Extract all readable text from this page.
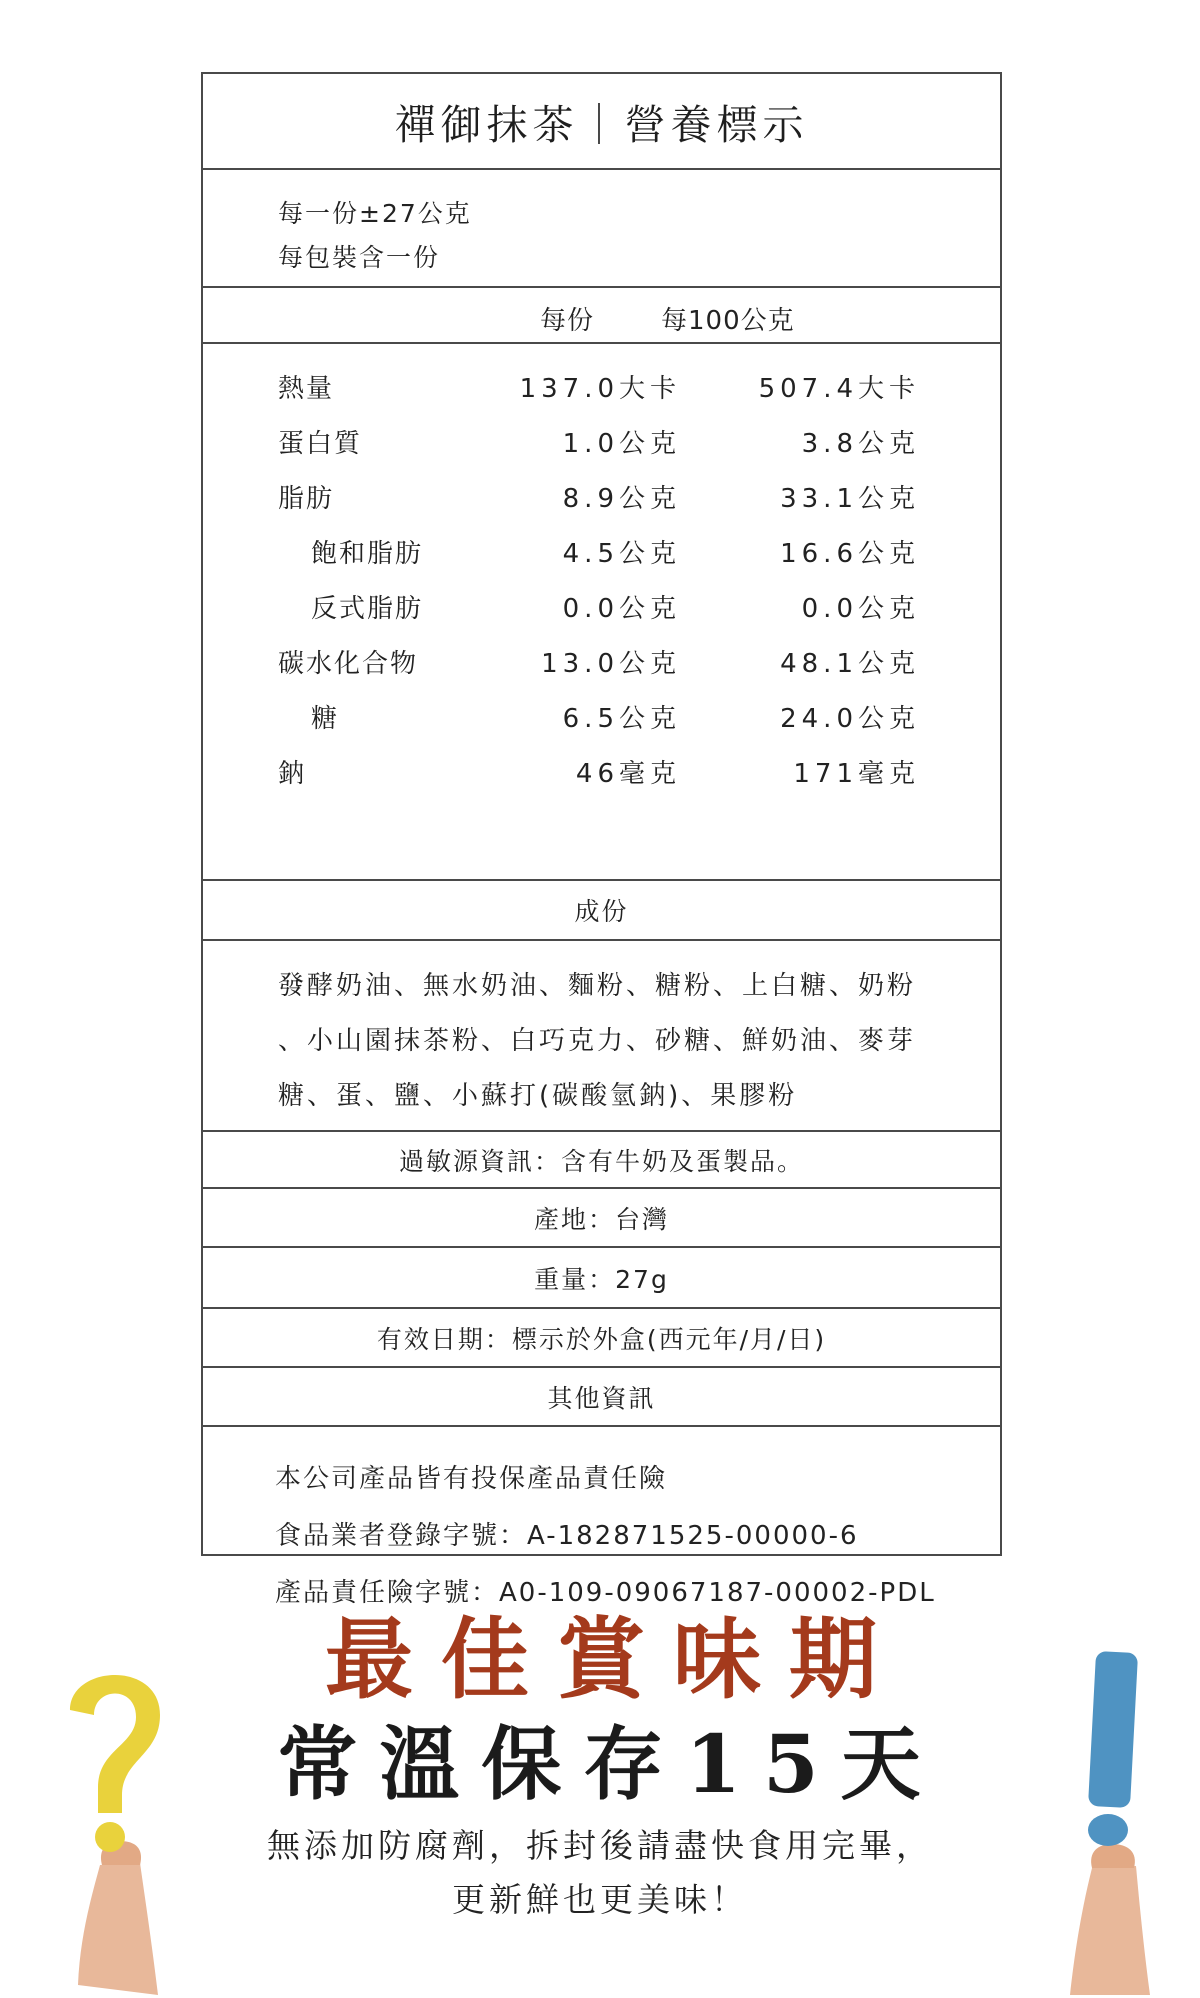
禪御抹茶｜營養標示
每一份±27公克
每包裝含一份
每份	每100公克
熱量	137.0大卡	507.4大卡
蛋白質	1.0公克	3.8公克
脂肪	8.9公克	33.1公克
飽和脂肪	4.5公克	16.6公克
反式脂肪	0.0公克	0.0公克
碳水化合物	13.0公克	48.1公克
糖	6.5公克	24.0公克
鈉	46毫克	171毫克
成份
發酵奶油、無水奶油、麵粉、糖粉、上白糖、奶粉
、小山園抹茶粉、白巧克力、砂糖、鮮奶油、麥芽
糖、蛋、鹽、小蘇打(碳酸氫鈉)、果膠粉
過敏源資訊：含有牛奶及蛋製品。
產地：台灣
重量：27g
有效日期：標示於外盒(西元年/月/日)
其他資訊
本公司產品皆有投保產品責任險
食品業者登錄字號：A-182871525-00000-6
產品責任險字號：A0-109-09067187-00002-PDL
最佳賞味期
常溫保存15天
無添加防腐劑，拆封後請盡快食用完畢，
更新鮮也更美味！
